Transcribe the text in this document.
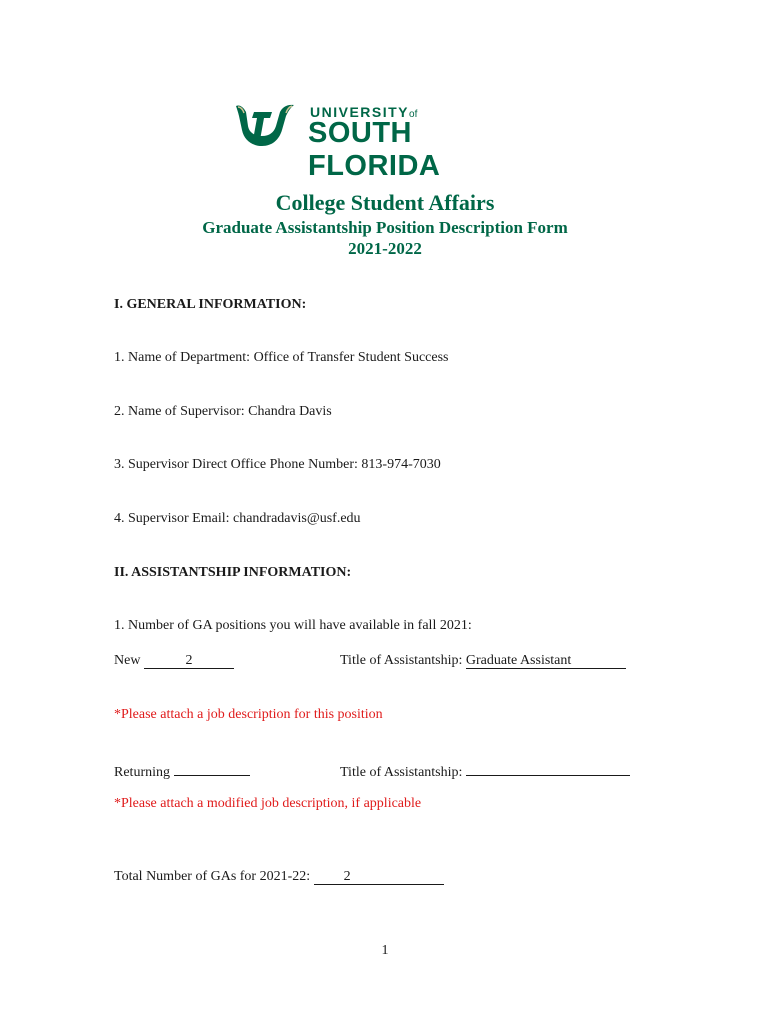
UNIVERSITYof
SOUTH FLORIDA
College Student Affairs
Graduate Assistantship Position Description Form
2021-2022
I. GENERAL INFORMATION:
1. Name of Department: Office of Transfer Student Success
2. Name of Supervisor: Chandra Davis
3. Supervisor Direct Office Phone Number: 813-974-7030
4. Supervisor Email: chandradavis@usf.edu
II. ASSISTANTSHIP INFORMATION:
1. Number of GA positions you will have available in fall 2021:
New	2	Title of Assistantship: Graduate Assistant
*Please attach a job description for this position
Returning	Title of Assistantship:
*Please attach a modified job description, if applicable
Total Number of GAs for 2021-22: 2
1
